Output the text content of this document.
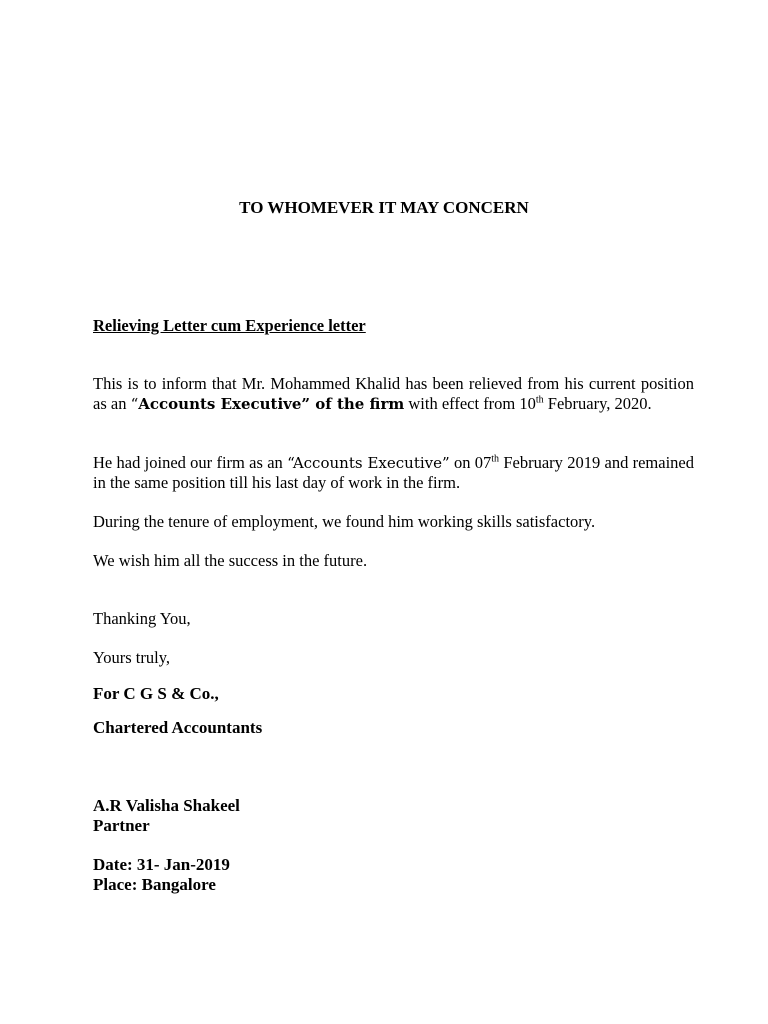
TO WHOMEVER IT MAY CONCERN

Relieving Letter cum Experience letter

This is to inform that Mr. Mohammed Khalid has been relieved from his current position as an “Accounts Executive” of the firm with effect from 10th February, 2020.

He had joined our firm as an “Accounts Executive” on 07th February 2019 and remained in the same position till his last day of work in the firm.

During the tenure of employment, we found him working skills satisfactory.

We wish him all the success in the future.

Thanking You,

Yours truly,

For C G S & Co.,

Chartered Accountants

A.R Valisha Shakeel

Partner

Date: 31- Jan-2019

Place: Bangalore
